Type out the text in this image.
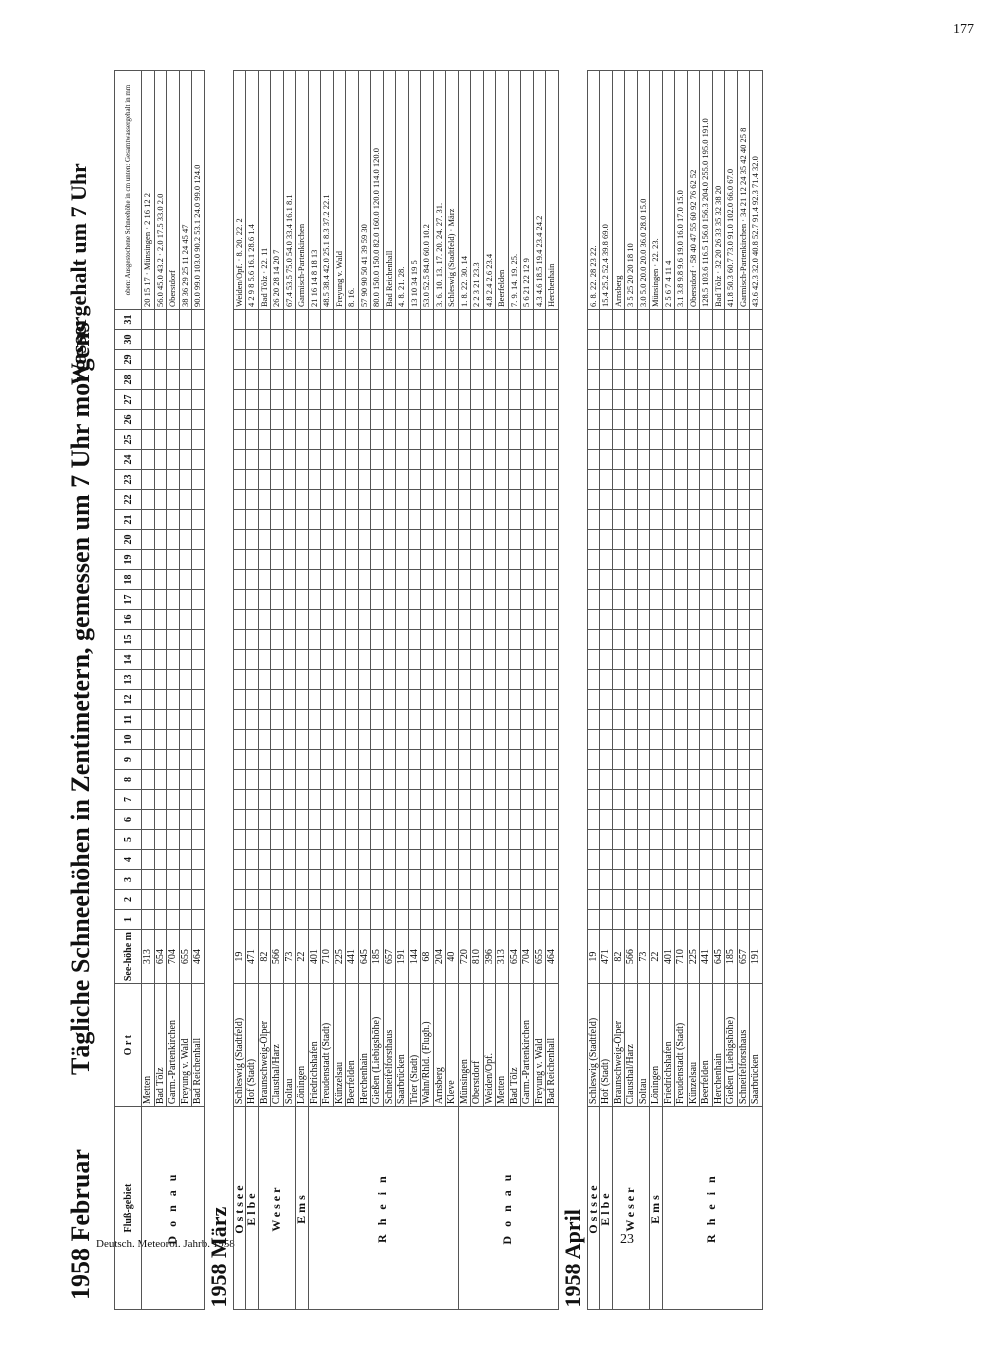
177
23
Deutsch. Meteorol. Jahrb. 1958
1958 Februar
Tägliche Schneehöhen in Zentimetern, gemessen um 7 Uhr morgens
Wassergehalt um 7 Uhr
Fluß-gebiet	O r t	See-höhe m	1	2	3	4	5	6	7	8	9	10	11	12	13	14	15	16	17	18	19	20	21	22	23	24	25	26	27	28	29	30	31	oben: Ausgestochene Schneehöhe in cm unten: Gesamtwassergehalt in mm
D o n a u	Metten	313																																20 15 17 · Münsingen · 2 16 12 2
	Bad Tölz	654																																56.0 45.0 43.2 · 2.0 17.5 33.0 2.0
	Garm.-Partenkirchen	704																																Oberstdorf
	Freyung v. Wald	655																																38 36 29 25 11 24 45 47
	Bad Reichenhall	464																																90.0 99.0 103.0 90.2 53.1 24.0 99.0 124.0
1958 März																																		
Ostsee	Schleswig (Stadtfeld)	19																																Weiden/Opf. · 8. 20. 22. 2
Elbe	Hof (Stadt)	471																																4 2 9 8 5.6 16.1 28.6 1.4
Weser	Braunschweig-Ölper	82																																Bad Tölz · 22. 11
	Clausthal/Harz	566																																26 20 28 14 20 7
	Soltau	73																																67.4 53.5 75.0 54.0 33.4 16.1 8.1
Ems	Löningen	22																																Garmisch-Partenkirchen
R h e i n	Friedrichshafen	401																																21 16 14 8 18 13
	Freudenstadt (Stadt)	710																																48.5 38.4 42.0 25.1 8.3 37.2 22.1
	Künzelsau	225																																Freyung v. Wald
	Beerfelden	441																																8. 16.
	Herchenhain	645																																57 90 90 50 41 39 59 30
	Gießen (Liebigshöhe)	185																																80.0 150.0 150.0 82.0 160.0 120.0 114.0 120.0
	Schneifelforsthaus	657																																Bad Reichenhall
	Saarbrücken	191																																4. 8. 21. 28.
	Trier (Stadt)	144																																13 10 34 19 5
	Wahn/Rhld. (Flugh.)	68																																53.0 52.5 84.0 60.0 10.2
	Arnsberg	204																																3. 6. 10. 13. 17. 20. 24. 27. 31.
	Kleve	40																																Schleswig (Stadtfeld) · März
D o n a u	Münsingen	720																																1. 8. 22. 30. 14
	Oberstdorf	810																																2 2 3 21 23.3
	Weiden/Opf.	396																																4.8 2.4 2.6 23.4
	Metten	313																																Beerfelden
	Bad Tölz	654																																7. 9. 14. 19. 25.
	Garm.-Partenkirchen	704																																5 6 21 22 12 9
	Freyung v. Wald	655																																4.3 4.6 18.5 19.4 23.4 24.2
	Bad Reichenhall	464																																Herchenhain
1958 April																																		
Ostsee	Schleswig (Stadtfeld)	19																																6. 8. 22. 28 23 22.
Elbe	Hof (Stadt)	471																																15.4 25.2 52.4 39.8 69.0
Weser	Braunschweig-Ölper	82																																Arnsberg
	Clausthal/Harz	566																																3 5 25 20 20 18 10
	Soltau	73																																3.0 5.0 20.0 20.0 36.0 28.0 15.0
Ems	Löningen	22																																Münsingen · 22. 23.
R h e i n	Friedrichshafen	401																																2 5 6 7 4 11 4
	Freudenstadt (Stadt)	710																																3.1 3.8 9.8 9.6 19.0 16.0 17.0 15.0
	Künzelsau	225																																Oberstdorf · 58 40 47 55 60 92 76 62 52
	Beerfelden	441																																128.5 103.6 116.5 156.0 156.3 204.0 255.0 195.0 191.0
	Herchenhain	645																																Bad Tölz · 32 20 26 33 35 32 38 20
	Gießen (Liebigshöhe)	185																																41.8 50.3 60.7 73.0 91.0 102.0 66.0 67.0
	Schneifelforsthaus	657																																Garmisch-Partenkirchen · 34 21 12 24 35 42 40 25 8
	Saarbrücken	191																																43.6 42.3 32.0 40.8 52.7 91.4 92.3 71.4 32.0
